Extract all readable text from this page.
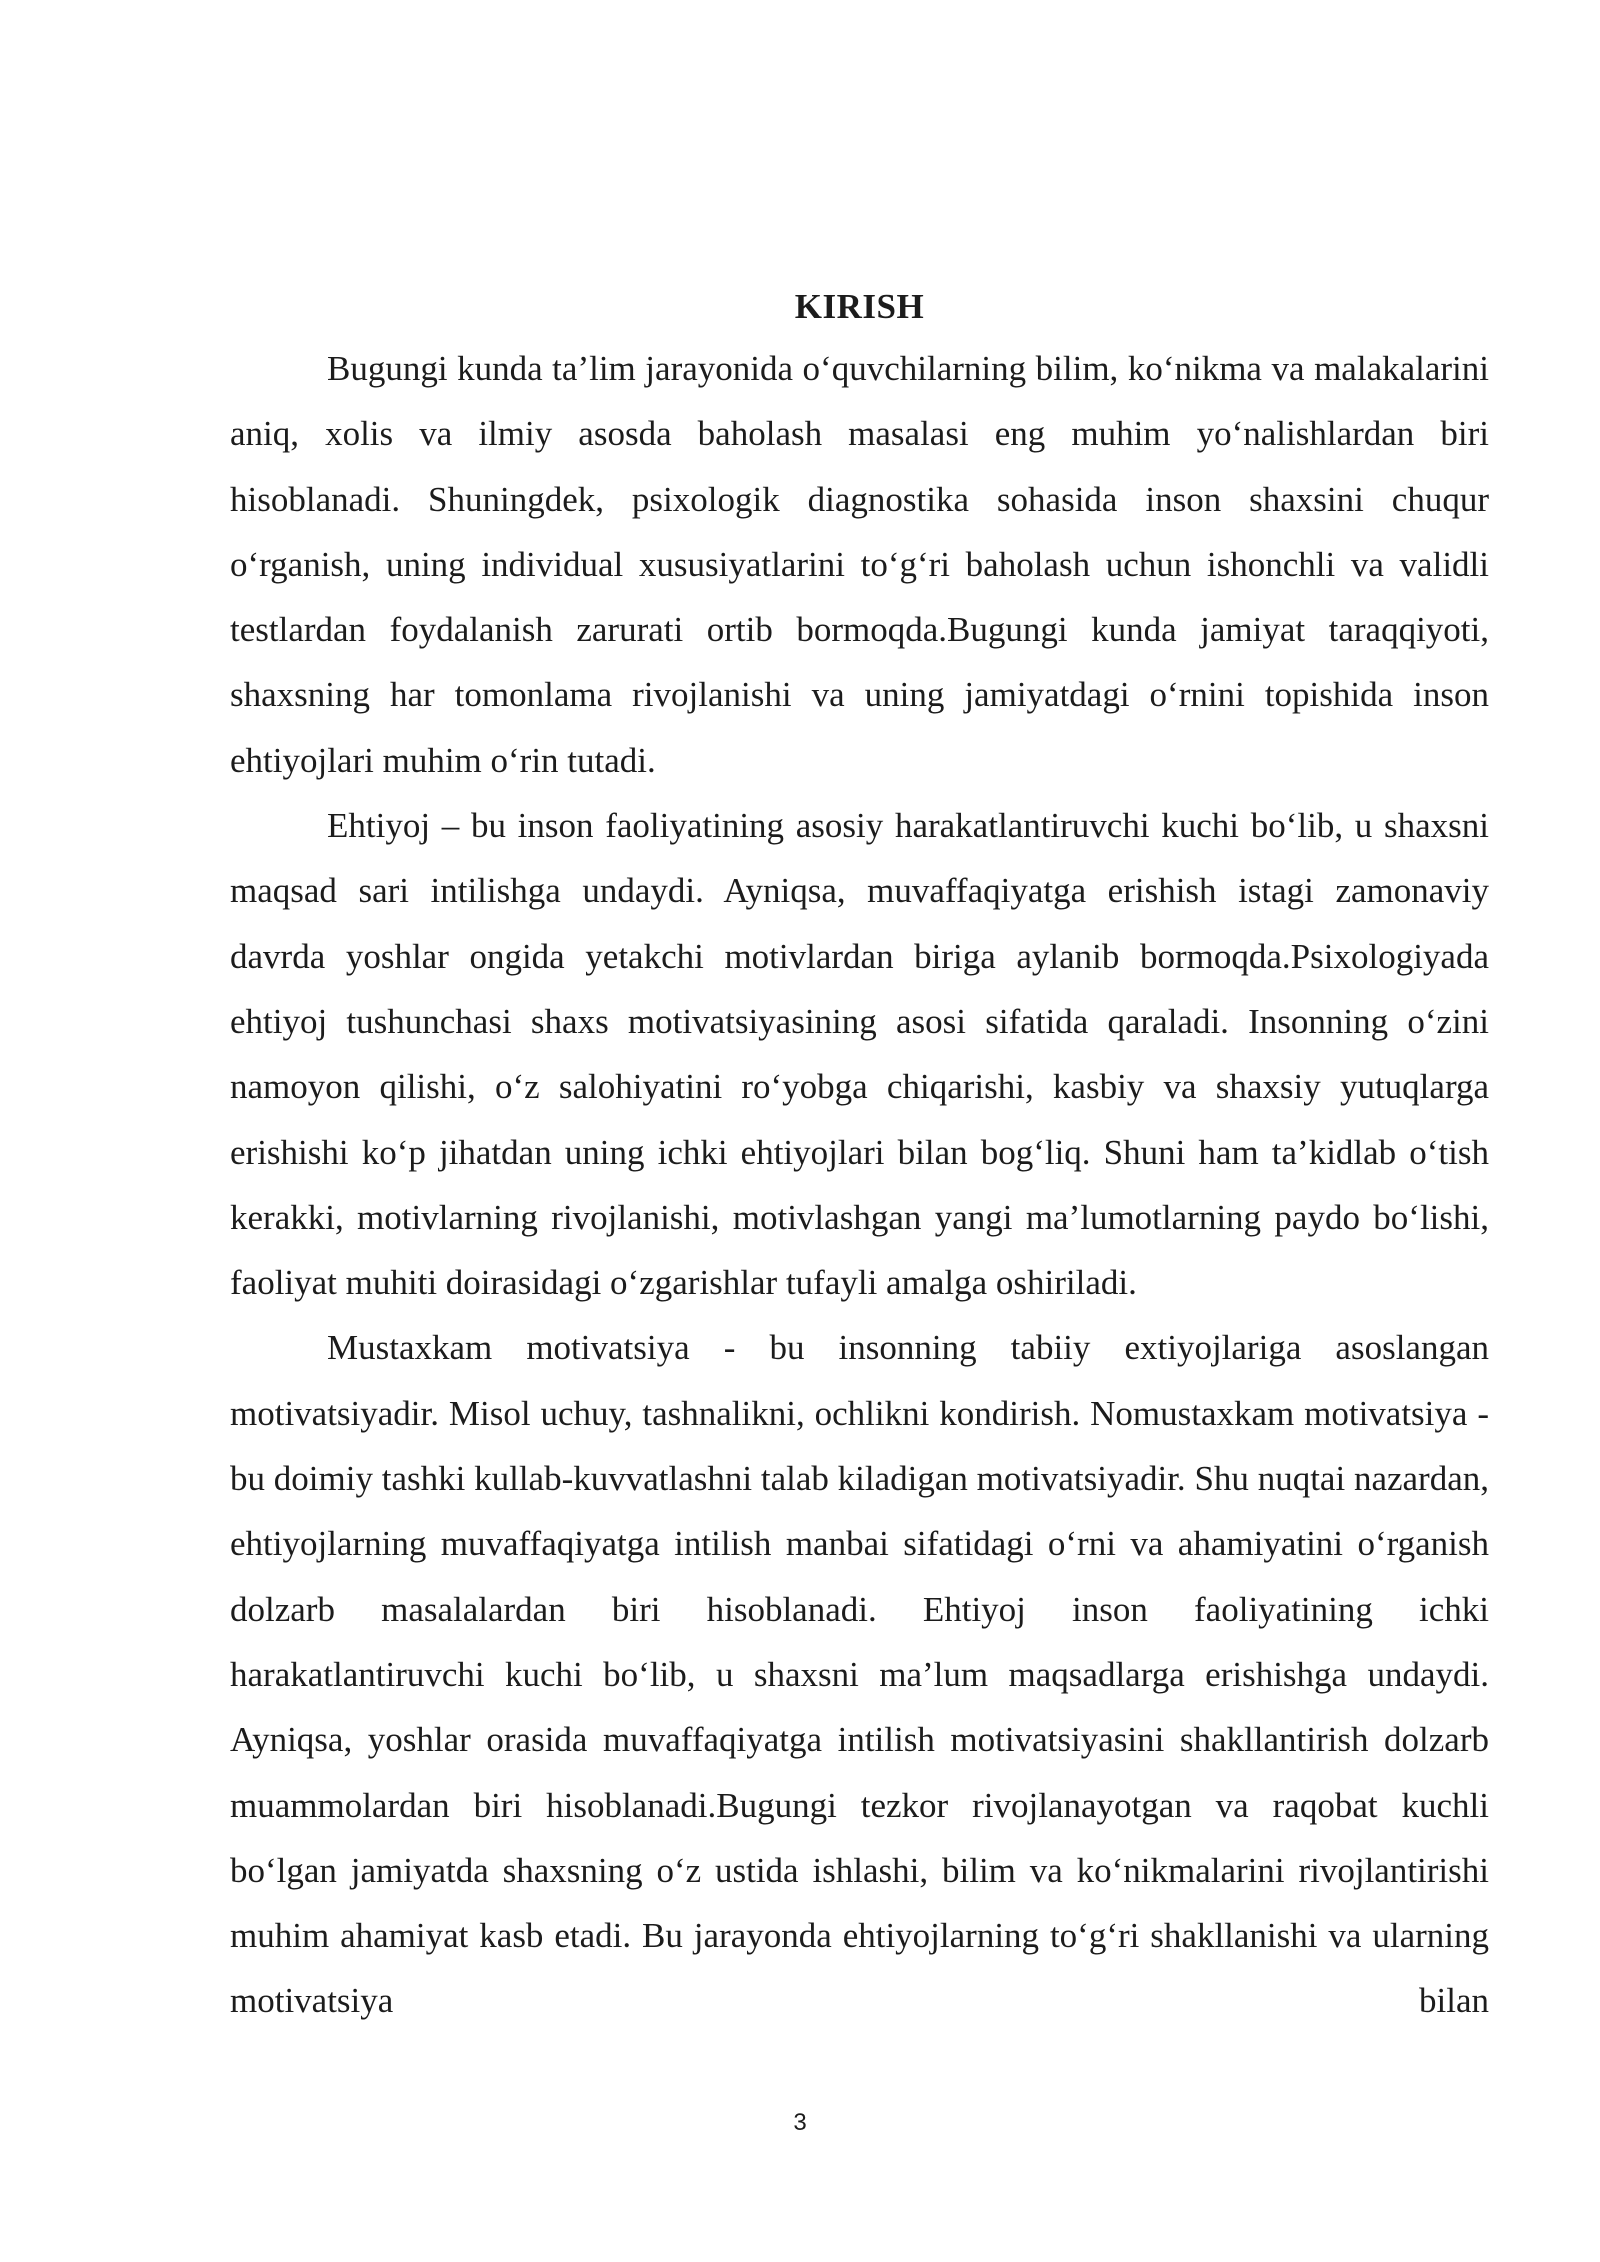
KIRISH

Bugungi kunda ta’lim jarayonida o‘quvchilarning bilim, ko‘nikma va malakalarini aniq, xolis va ilmiy asosda baholash masalasi eng muhim yo‘nalishlardan biri hisoblanadi. Shuningdek, psixologik diagnostika sohasida inson shaxsini chuqur o‘rganish, uning individual xususiyatlarini to‘g‘ri baholash uchun ishonchli va validli testlardan foydalanish zarurati ortib bormoqda.Bugungi kunda jamiyat taraqqiyoti, shaxsning har tomonlama rivojlanishi va uning jamiyatdagi o‘rnini topishida inson ehtiyojlari muhim o‘rin tutadi.

Ehtiyoj – bu inson faoliyatining asosiy harakatlantiruvchi kuchi bo‘lib, u shaxsni maqsad sari intilishga undaydi. Ayniqsa, muvaffaqiyatga erishish istagi zamonaviy davrda yoshlar ongida yetakchi motivlardan biriga aylanib bormoqda.Psixologiyada ehtiyoj tushunchasi shaxs motivatsiyasining asosi sifatida qaraladi. Insonning o‘zini namoyon qilishi, o‘z salohiyatini ro‘yobga chiqarishi, kasbiy va shaxsiy yutuqlarga erishishi ko‘p jihatdan uning ichki ehtiyojlari bilan bog‘liq. Shuni ham ta’kidlab o‘tish kerakki, motivlarning rivojlanishi, motivlashgan yangi ma’lumotlarning paydo bo‘lishi, faoliyat muhiti doirasidagi o‘zgarishlar tufayli amalga oshiriladi.

Mustaxkam motivatsiya - bu insonning tabiiy extiyojlariga asoslangan motivatsiyadir. Misol uchuy, tashnalikni, ochlikni kondirish. Nomustaxkam motivatsiya - bu doimiy tashki kullab-kuvvatlashni talab kiladigan motivatsiyadir. Shu nuqtai nazardan, ehtiyojlarning muvaffaqiyatga intilish manbai sifatidagi o‘rni va ahamiyatini o‘rganish dolzarb masalalardan biri hisoblanadi. Ehtiyoj inson faoliyatining ichki harakatlantiruvchi kuchi bo‘lib, u shaxsni ma’lum maqsadlarga erishishga undaydi. Ayniqsa, yoshlar orasida muvaffaqiyatga intilish motivatsiyasini shakllantirish dolzarb muammolardan biri hisoblanadi.Bugungi tezkor rivojlanayotgan va raqobat kuchli bo‘lgan jamiyatda shaxsning o‘z ustida ishlashi, bilim va ko‘nikmalarini rivojlantirishi muhim ahamiyat kasb etadi. Bu jarayonda ehtiyojlarning to‘g‘ri shakllanishi va ularning motivatsiya bilan

3
